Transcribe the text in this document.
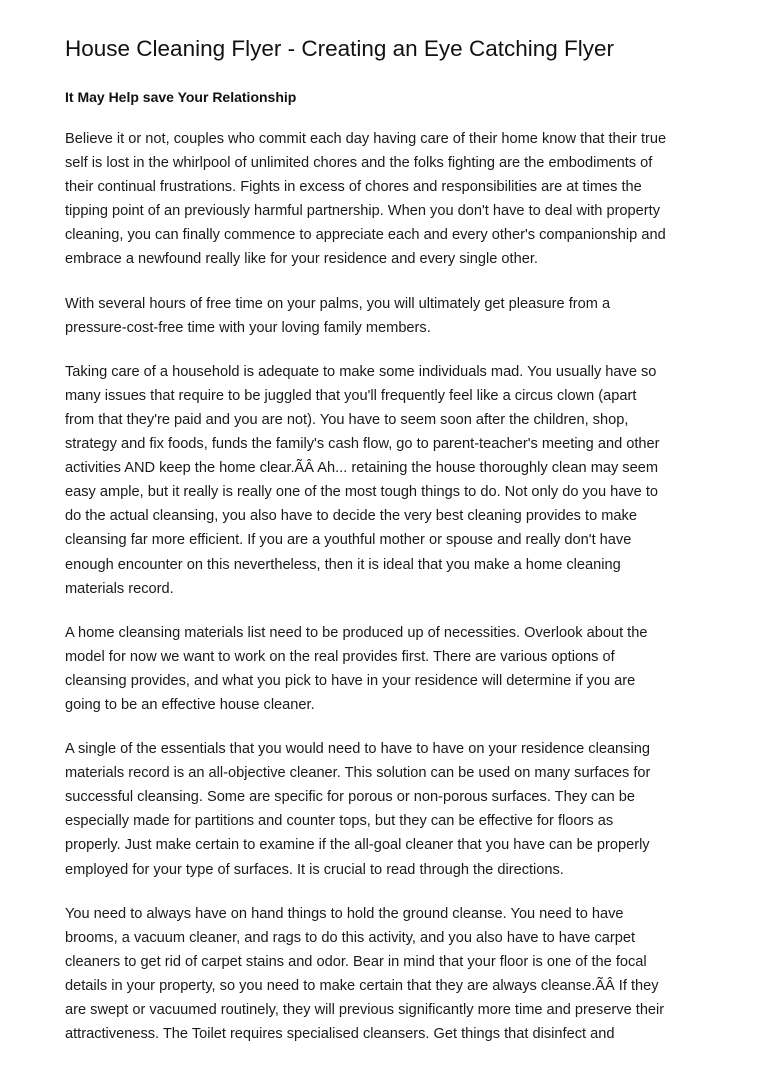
House Cleaning Flyer - Creating an Eye Catching Flyer
It May Help save Your Relationship

Believe it or not, couples who commit each day having care of their home know that their true
self is lost in the whirlpool of unlimited chores and the folks fighting are the embodiments of
their continual frustrations. Fights in excess of chores and responsibilities are at times the
tipping point of an previously harmful partnership. When you don't have to deal with property
cleaning, you can finally commence to appreciate each and every other's companionship and
embrace a newfound really like for your residence and every single other.

With several hours of free time on your palms, you will ultimately get pleasure from a
pressure-cost-free time with your loving family members.

Taking care of a household is adequate to make some individuals mad. You usually have so
many issues that require to be juggled that you'll frequently feel like a circus clown (apart
from that they're paid and you are not). You have to seem soon after the children, shop,
strategy and fix foods, funds the family's cash flow, go to parent-teacher's meeting and other
activities AND keep the home clear.ÃÂ Ah... retaining the house thoroughly clean may seem
easy ample, but it really is really one of the most tough things to do. Not only do you have to
do the actual cleansing, you also have to decide the very best cleaning provides to make
cleansing far more efficient. If you are a youthful mother or spouse and really don't have
enough encounter on this nevertheless, then it is ideal that you make a home cleaning
materials record.

A home cleansing materials list need to be produced up of necessities. Overlook about the
model for now we want to work on the real provides first. There are various options of
cleansing provides, and what you pick to have in your residence will determine if you are
going to be an effective house cleaner.

A single of the essentials that you would need to have to have on your residence cleansing
materials record is an all-objective cleaner. This solution can be used on many surfaces for
successful cleansing. Some are specific for porous or non-porous surfaces. They can be
especially made for partitions and counter tops, but they can be effective for floors as
properly. Just make certain to examine if the all-goal cleaner that you have can be properly
employed for your type of surfaces. It is crucial to read through the directions.

You need to always have on hand things to hold the ground cleanse. You need to have
brooms, a vacuum cleaner, and rags to do this activity, and you also have to have carpet
cleaners to get rid of carpet stains and odor. Bear in mind that your floor is one of the focal
details in your property, so you need to make certain that they are always cleanse.ÃÂ If they
are swept or vacuumed routinely, they will previous significantly more time and preserve their
attractiveness. The Toilet requires specialised cleansers. Get things that disinfect and
